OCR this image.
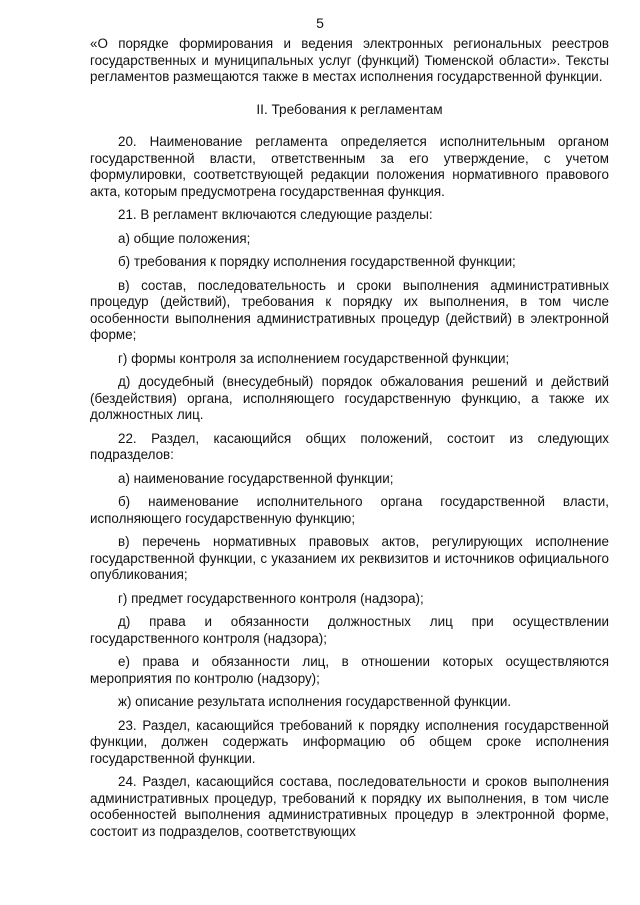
5

«О порядке формирования и ведения электронных региональных реестров государственных и муниципальных услуг (функций) Тюменской области». Тексты регламентов размещаются также в местах исполнения государственной функции.

II. Требования к регламентам

20. Наименование регламента определяется исполнительным органом государственной власти, ответственным за его утверждение, с учетом формулировки, соответствующей редакции положения нормативного правового акта, которым предусмотрена государственная функция.

21. В регламент включаются следующие разделы:

а) общие положения;

б) требования к порядку исполнения государственной функции;

в) состав, последовательность и сроки выполнения административных процедур (действий), требования к порядку их выполнения, в том числе особенности выполнения административных процедур (действий) в электронной форме;

г) формы контроля за исполнением государственной функции;

д) досудебный (внесудебный) порядок обжалования решений и действий (бездействия) органа, исполняющего государственную функцию, а также их должностных лиц.

22. Раздел, касающийся общих положений, состоит из следующих подразделов:

а) наименование государственной функции;

б) наименование исполнительного органа государственной власти, исполняющего государственную функцию;

в) перечень нормативных правовых актов, регулирующих исполнение государственной функции, с указанием их реквизитов и источников официального опубликования;

г) предмет государственного контроля (надзора);

д) права и обязанности должностных лиц при осуществлении государственного контроля (надзора);

е) права и обязанности лиц, в отношении которых осуществляются мероприятия по контролю (надзору);

ж) описание результата исполнения государственной функции.

23. Раздел, касающийся требований к порядку исполнения государственной функции, должен содержать информацию об общем сроке исполнения государственной функции.

24. Раздел, касающийся состава, последовательности и сроков выполнения административных процедур, требований к порядку их выполнения, в том числе особенностей выполнения административных процедур в электронной форме, состоит из подразделов, соответствующих
